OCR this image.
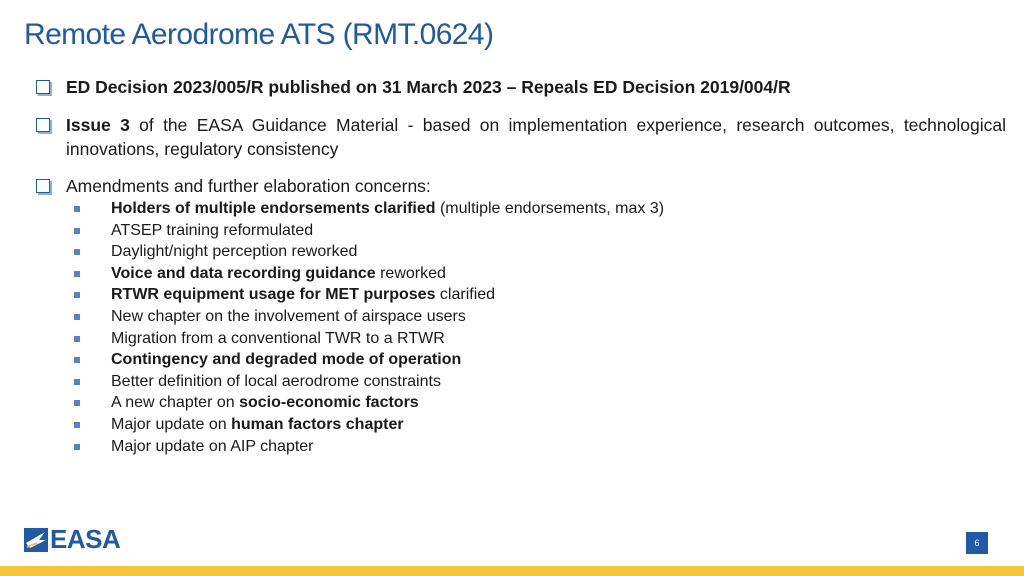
Remote Aerodrome ATS (RMT.0624)
ED Decision 2023/005/R published on 31 March 2023 – Repeals ED Decision 2019/004/R
Issue 3 of the EASA Guidance Material - based on implementation experience, research outcomes, technological innovations, regulatory consistency
Amendments and further elaboration concerns:
Holders of multiple endorsements clarified (multiple endorsements, max 3)
ATSEP training reformulated
Daylight/night perception reworked
Voice and data recording guidance reworked
RTWR equipment usage for MET purposes clarified
New chapter on the involvement of airspace users
Migration from a conventional TWR to a RTWR
Contingency and degraded mode of operation
Better definition of local aerodrome constraints
A new chapter on socio-economic factors
Major update on human factors chapter
Major update on AIP chapter
EASA	6
